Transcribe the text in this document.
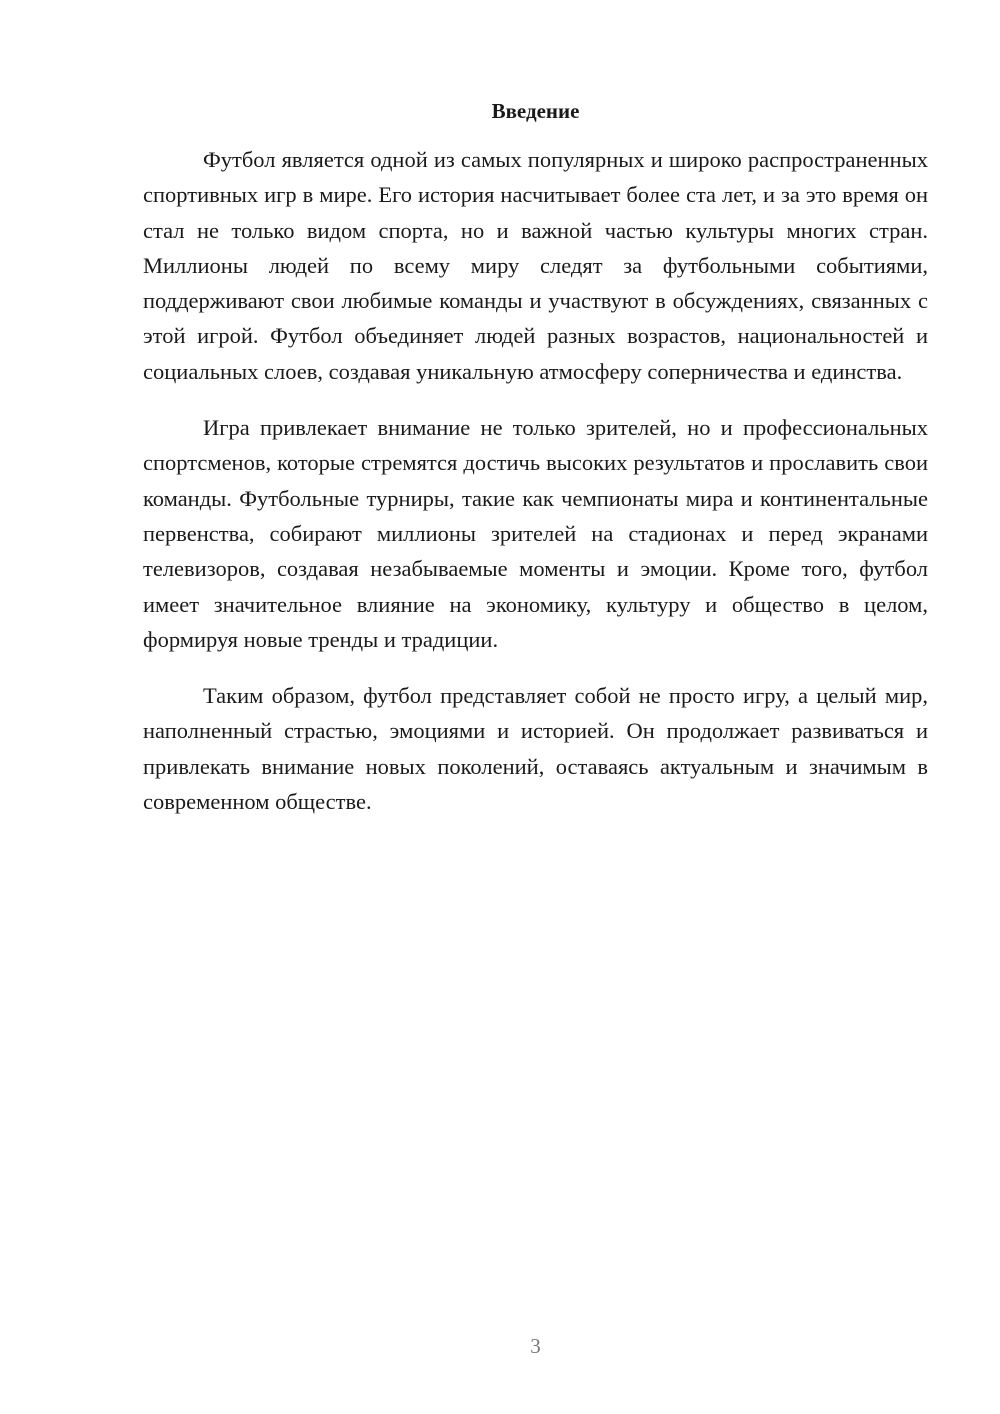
Введение

Футбол является одной из самых популярных и широко распространенных спортивных игр в мире. Его история насчитывает более ста лет, и за это время он стал не только видом спорта, но и важной частью культуры многих стран. Миллионы людей по всему миру следят за футбольными событиями, поддерживают свои любимые команды и участвуют в обсуждениях, связанных с этой игрой. Футбол объединяет людей разных возрастов, национальностей и социальных слоев, создавая уникальную атмосферу соперничества и единства.

Игра привлекает внимание не только зрителей, но и профессиональных спортсменов, которые стремятся достичь высоких результатов и прославить свои команды. Футбольные турниры, такие как чемпионаты мира и континентальные первенства, собирают миллионы зрителей на стадионах и перед экранами телевизоров, создавая незабываемые моменты и эмоции. Кроме того, футбол имеет значительное влияние на экономику, культуру и общество в целом, формируя новые тренды и традиции.

Таким образом, футбол представляет собой не просто игру, а целый мир, наполненный страстью, эмоциями и историей. Он продолжает развиваться и привлекать внимание новых поколений, оставаясь актуальным и значимым в современном обществе.

3
